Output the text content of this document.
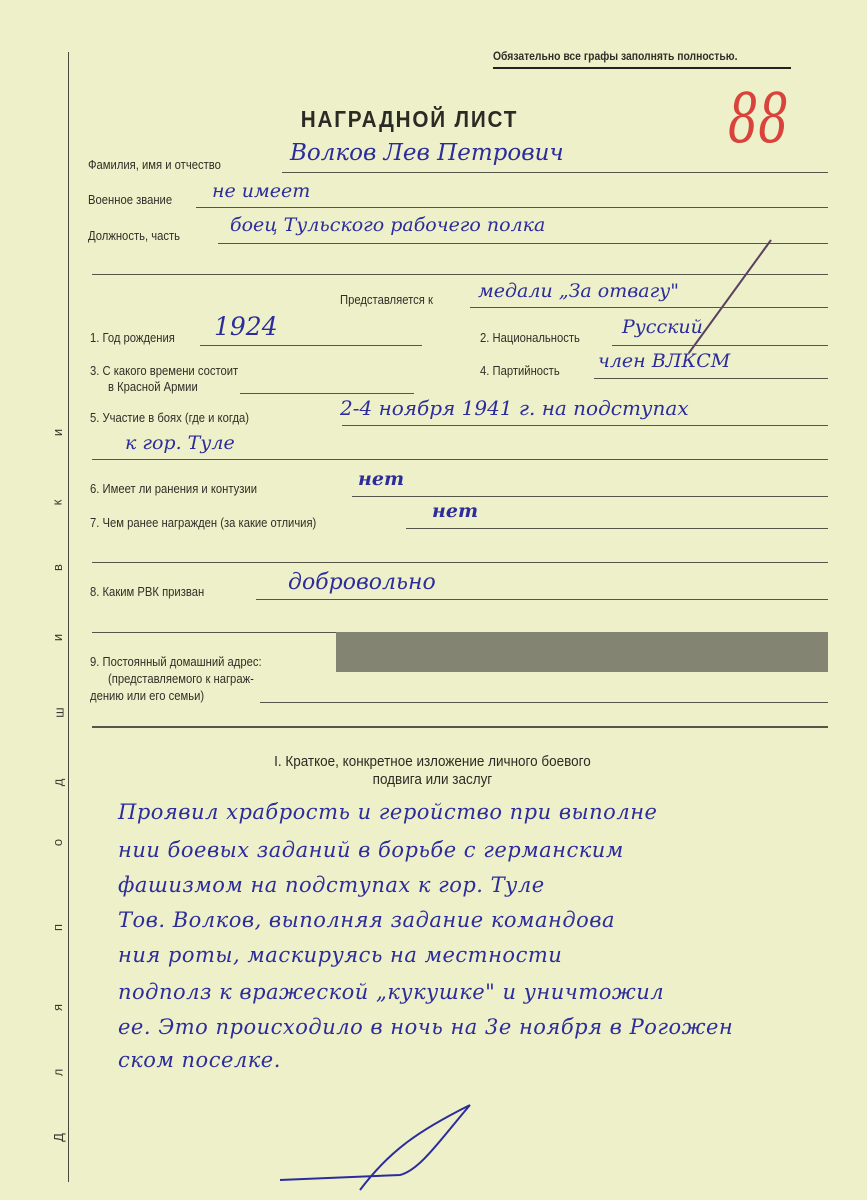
Д
л
я
п
о
д
ш
и
в
к
и
Обязательно все графы заполнять полностью.
НАГРАДНОЙ ЛИСТ	88
Фамилия, имя и отчество	Волков Лев Петрович
Военное звание не имеет
Должность, часть	боец Тульского рабочего полка
Представляется к медали „За отвагу"
1. Год рождения 1924	2. Национальность Русский
3. С какого времени состоит
в Красной Армии
4. Партийность член ВЛКСМ
5. Участие в боях (где и когда)	2-4 ноября 1941 г. на подступах
к гор. Туле
6. Имеет ли ранения и контузии	нет
7. Чем ранее награжден (за какие отличия)
нет
8. Каким РВК призван	добровольно
9. Постоянный домашний адрес:
(представляемого к награж-
дению или его семьи)
I. Краткое, конкретное изложение личного боевого
подвига или заслуг
Проявил храбрость и геройство при выполне
нии боевых заданий в борьбе с германским
фашизмом на подступах к гор. Туле
Тов. Волков, выполняя задание командова
ния роты, маскируясь на местности
подполз к вражеской „кукушке" и уничтожил
ее. Это происходило в ночь на 3е ноября в Рогожен
ском поселке.
